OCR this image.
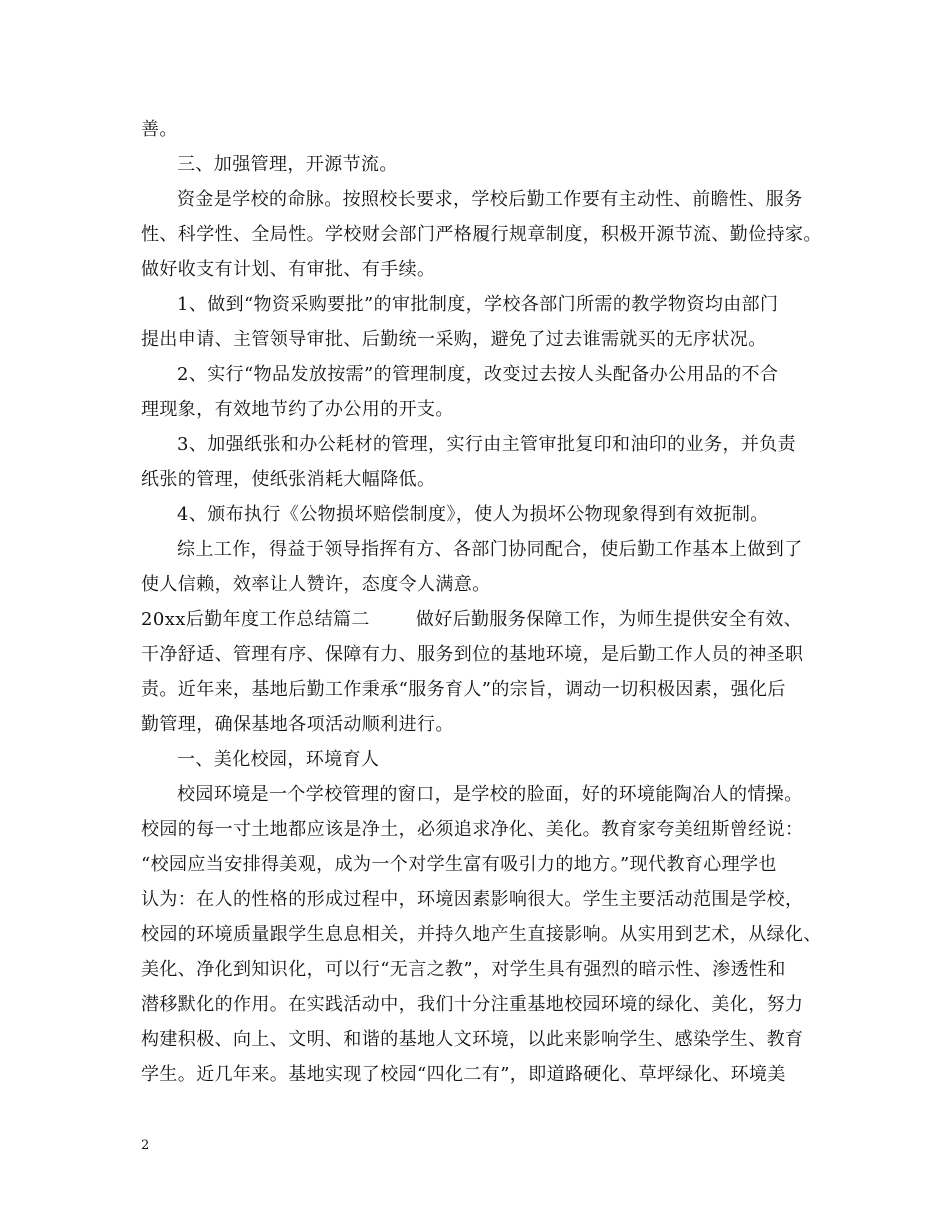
善。
三、加强管理，开源节流。
资金是学校的命脉。按照校长要求，学校后勤工作要有主动性、前瞻性、服务
性、科学性、全局性。学校财会部门严格履行规章制度，积极开源节流、勤俭持家。
做好收支有计划、有审批、有手续。
1、做到“物资采购要批”的审批制度，学校各部门所需的教学物资均由部门
提出申请、主管领导审批、后勤统一采购，避免了过去谁需就买的无序状况。
2、实行“物品发放按需”的管理制度，改变过去按人头配备办公用品的不合
理现象，有效地节约了办公用的开支。
3、加强纸张和办公耗材的管理，实行由主管审批复印和油印的业务，并负责
纸张的管理，使纸张消耗大幅降低。
4、颁布执行《公物损坏赔偿制度》，使人为损坏公物现象得到有效扼制。
综上工作，得益于领导指挥有方、各部门协同配合，使后勤工作基本上做到了
使人信赖，效率让人赞许，态度令人满意。
20xx后勤年度工作总结篇二	做好后勤服务保障工作，为师生提供安全有效、
干净舒适、管理有序、保障有力、服务到位的基地环境，是后勤工作人员的神圣职
责。近年来，基地后勤工作秉承“服务育人”的宗旨，调动一切积极因素，强化后
勤管理，确保基地各项活动顺利进行。
一、美化校园，环境育人
校园环境是一个学校管理的窗口，是学校的脸面，好的环境能陶冶人的情操。
校园的每一寸土地都应该是净土，必须追求净化、美化。教育家夸美纽斯曾经说：
“校园应当安排得美观，成为一个对学生富有吸引力的地方。”现代教育心理学也
认为：在人的性格的形成过程中，环境因素影响很大。学生主要活动范围是学校，
校园的环境质量跟学生息息相关，并持久地产生直接影响。从实用到艺术，从绿化、
美化、净化到知识化，可以行“无言之教”，对学生具有强烈的暗示性、渗透性和
潜移默化的作用。在实践活动中，我们十分注重基地校园环境的绿化、美化，努力
构建积极、向上、文明、和谐的基地人文环境，以此来影响学生、感染学生、教育
学生。近几年来。基地实现了校园“四化二有”，即道路硬化、草坪绿化、环境美
2
